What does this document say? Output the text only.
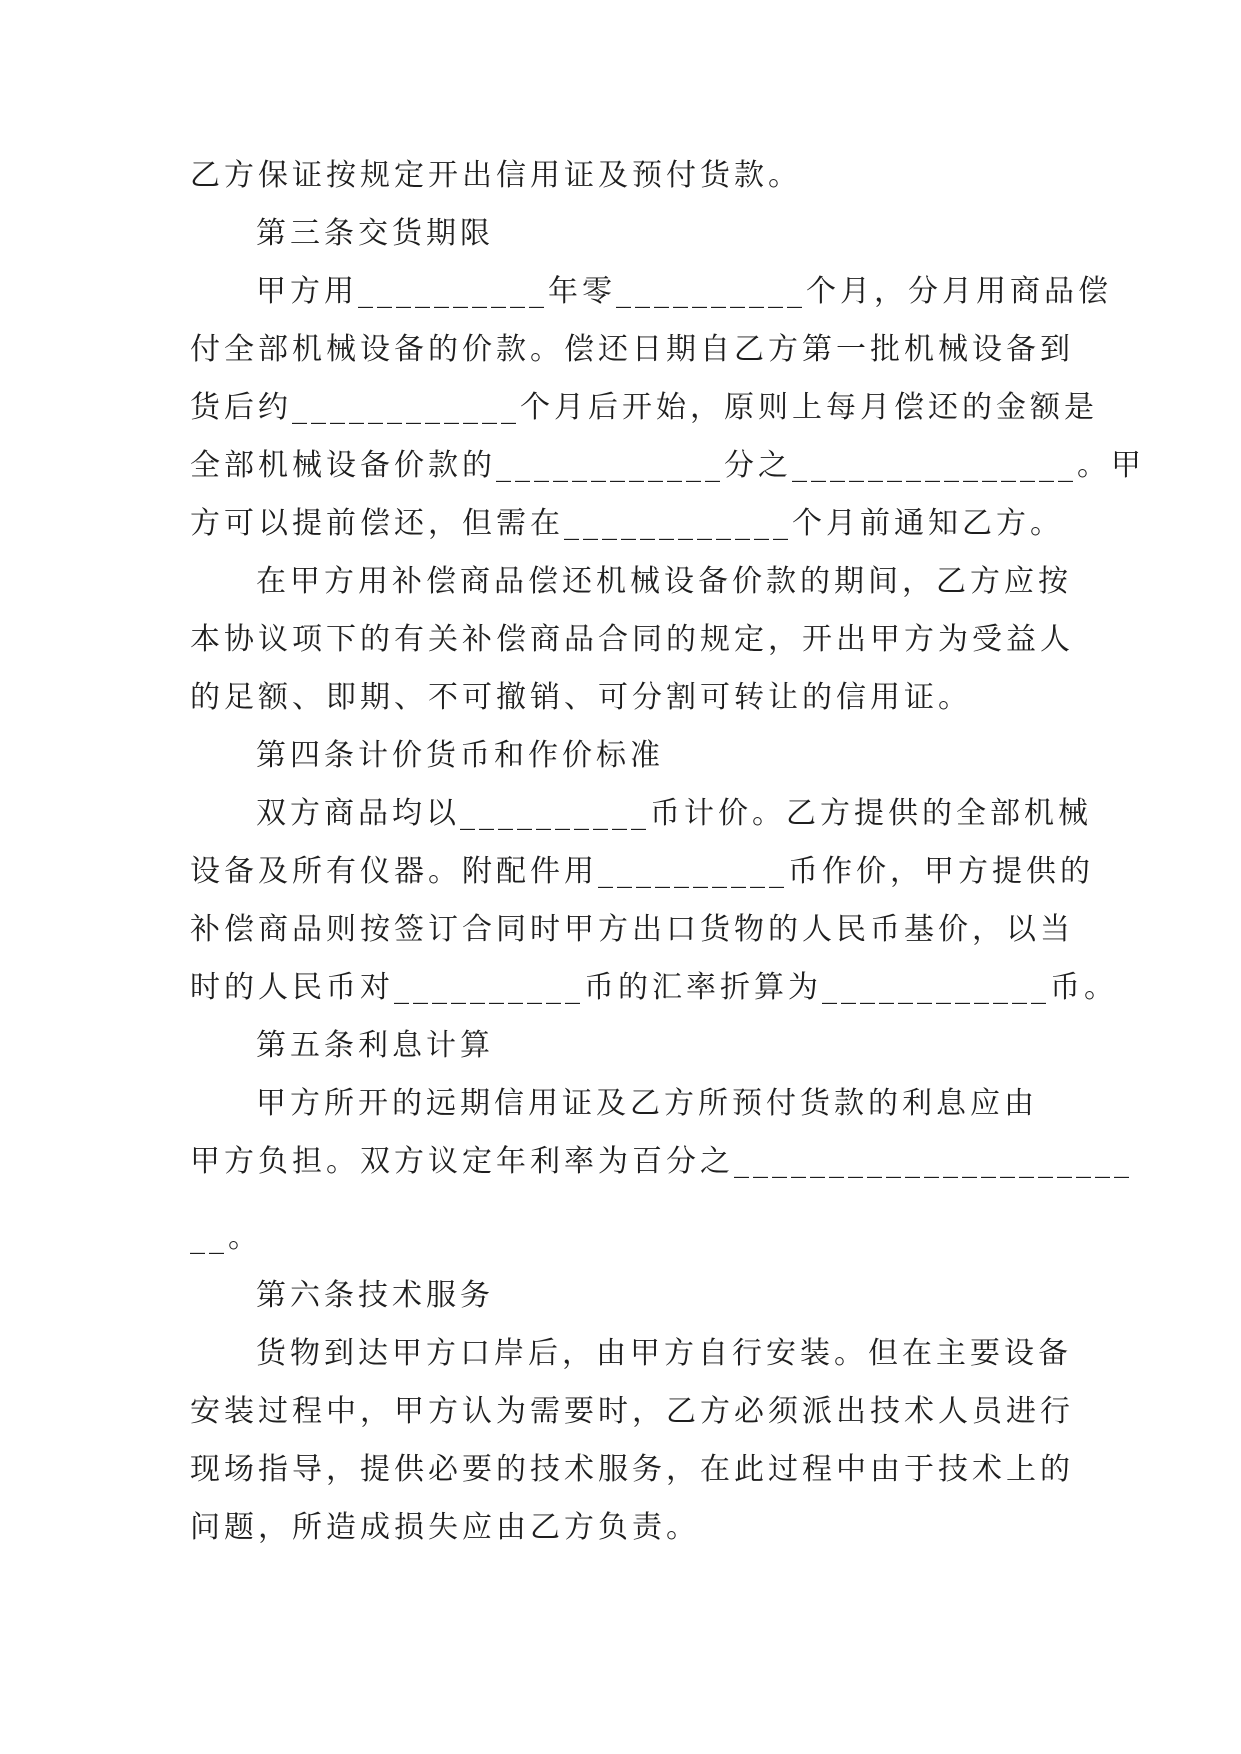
乙方保证按规定开出信用证及预付货款。
第三条交货期限
甲方用__________年零__________个月，分月用商品偿
付全部机械设备的价款。偿还日期自乙方第一批机械设备到
货后约____________个月后开始，原则上每月偿还的金额是
全部机械设备价款的____________分之_______________。甲
方可以提前偿还，但需在____________个月前通知乙方。
在甲方用补偿商品偿还机械设备价款的期间，乙方应按
本协议项下的有关补偿商品合同的规定，开出甲方为受益人
的足额、即期、不可撤销、可分割可转让的信用证。
第四条计价货币和作价标准
双方商品均以__________币计价。乙方提供的全部机械
设备及所有仪器。附配件用__________币作价，甲方提供的
补偿商品则按签订合同时甲方出口货物的人民币基价，以当
时的人民币对__________币的汇率折算为____________币。
第五条利息计算
甲方所开的远期信用证及乙方所预付货款的利息应由
甲方负担。双方议定年利率为百分之_____________________
__。
第六条技术服务
货物到达甲方口岸后，由甲方自行安装。但在主要设备
安装过程中，甲方认为需要时，乙方必须派出技术人员进行
现场指导，提供必要的技术服务，在此过程中由于技术上的
问题，所造成损失应由乙方负责。
